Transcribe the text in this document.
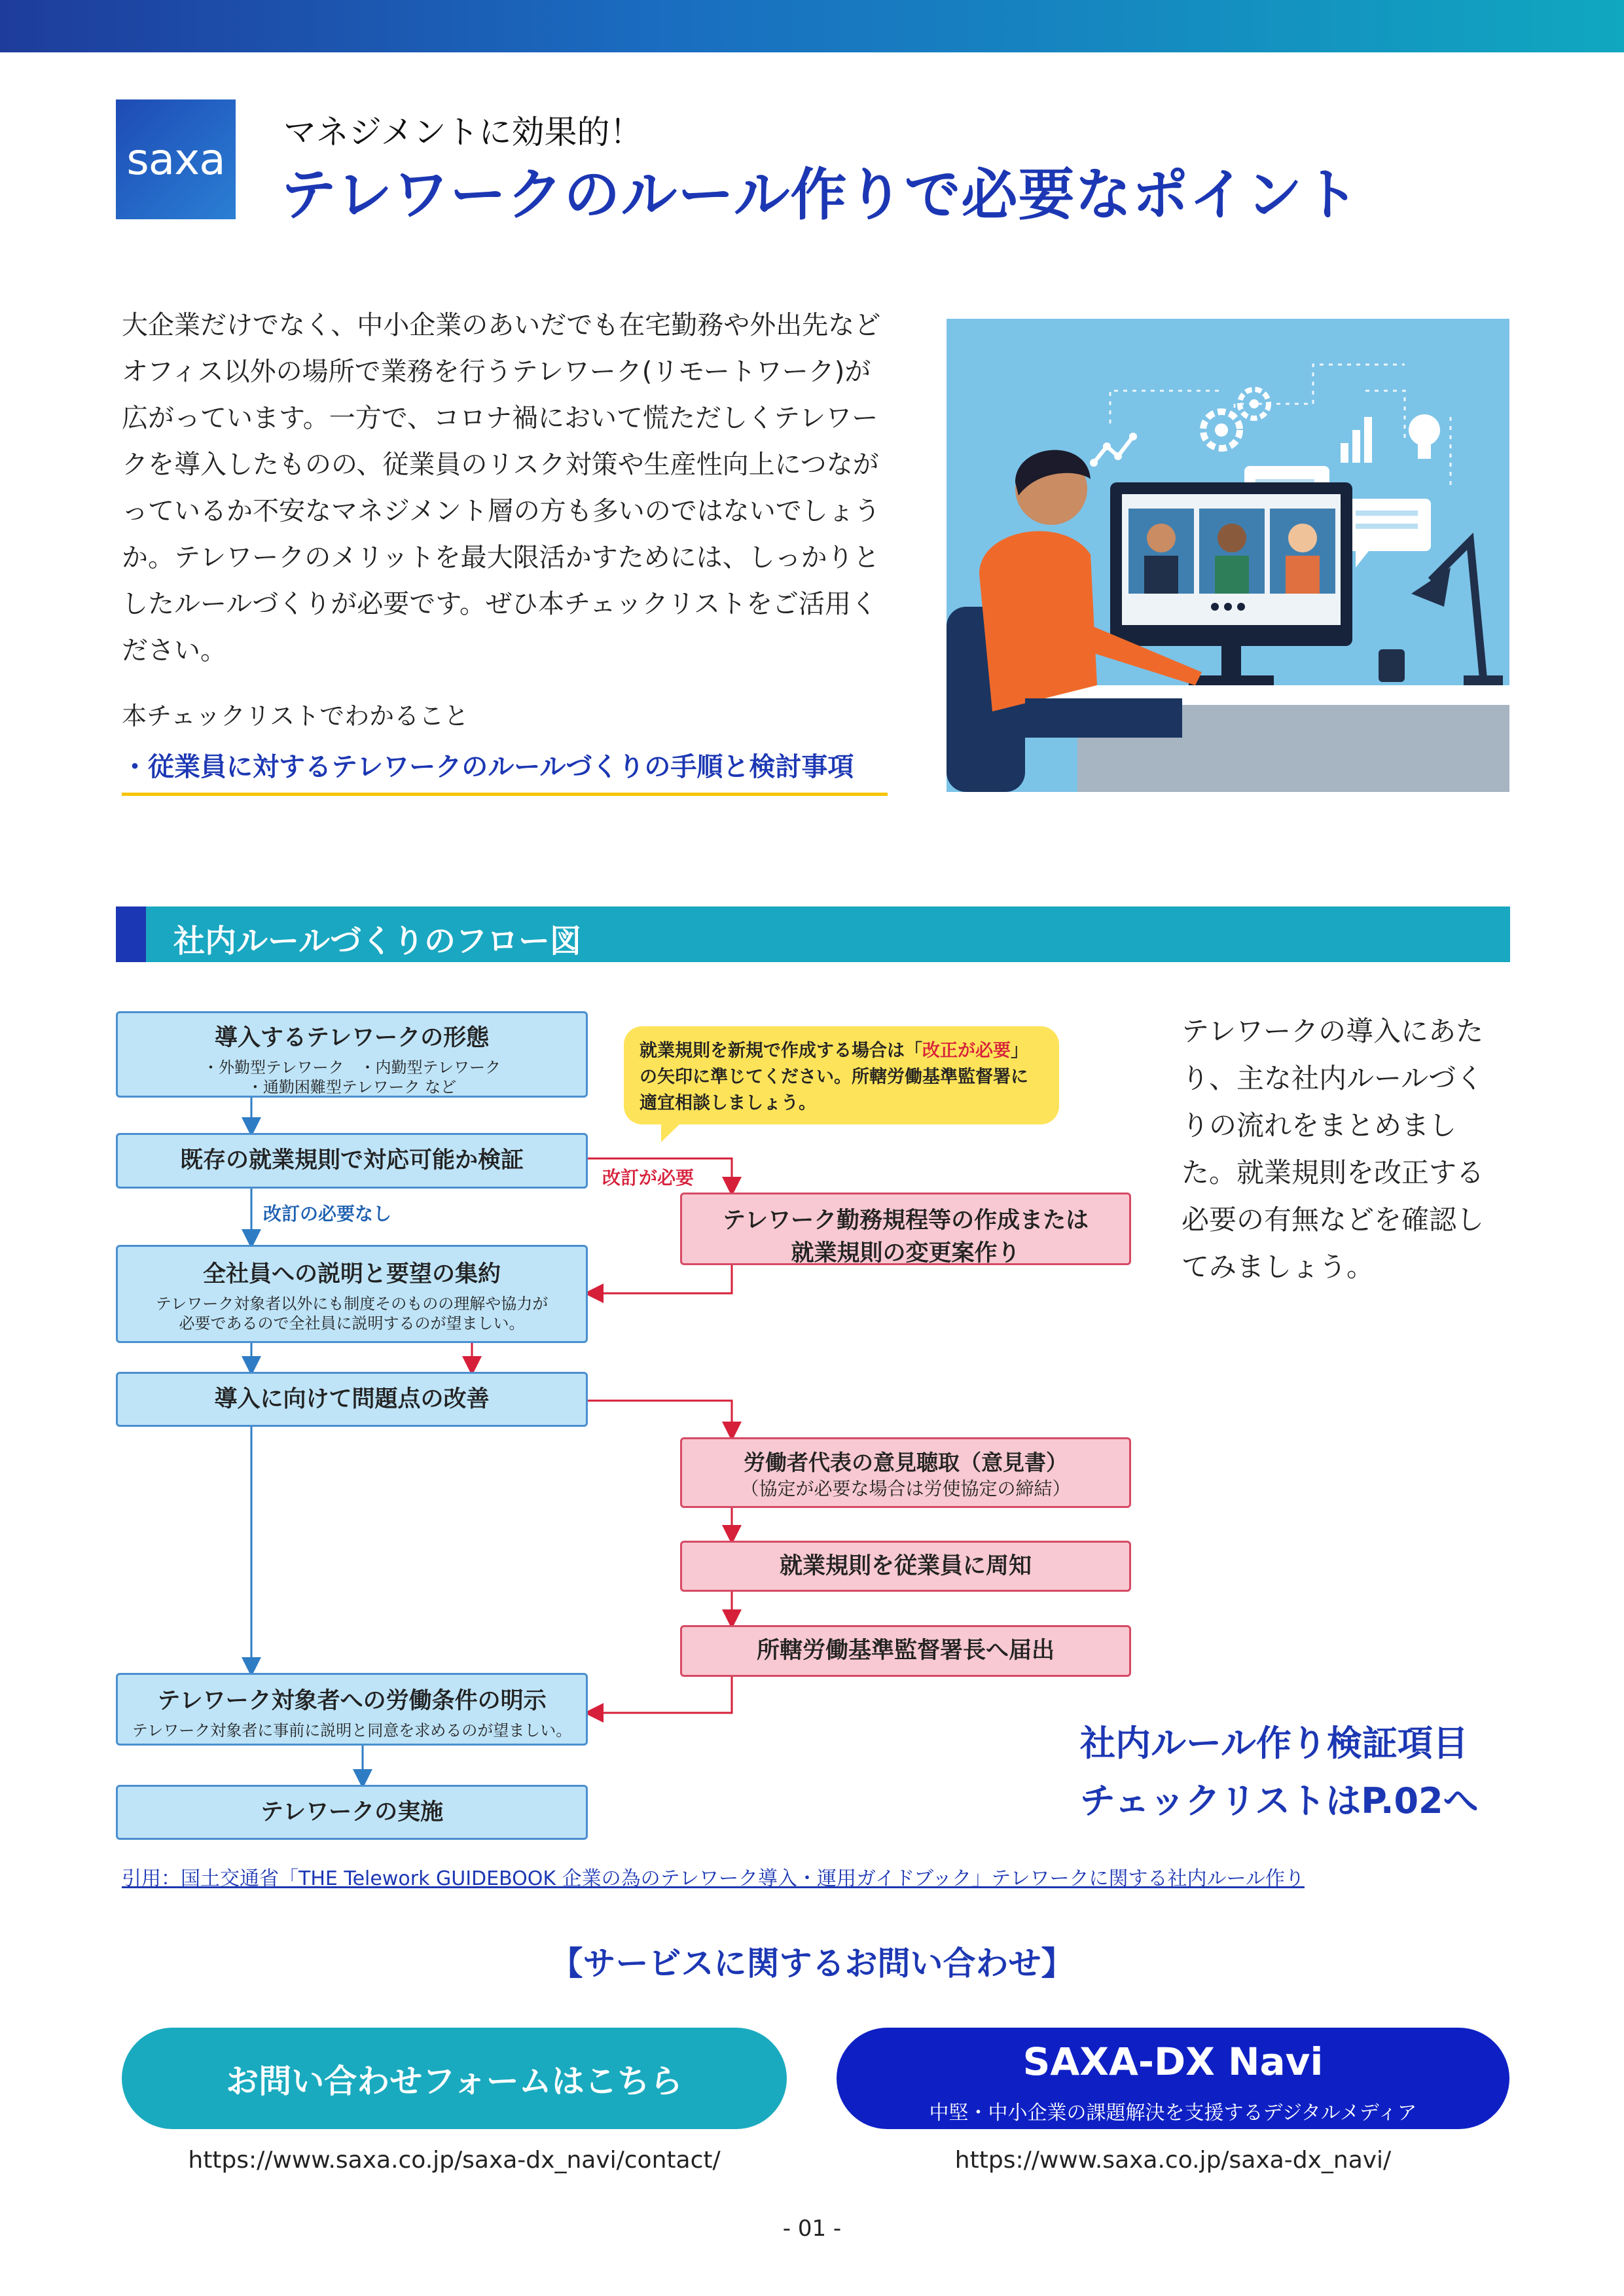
saxa
マネジメントに効果的！
テレワークのルール作りで必要なポイント
大企業だけでなく、中小企業のあいだでも在宅勤務や外出先などオフィス以外の場所で業務を行うテレワーク(リモートワーク)が広がっています。一方で、コロナ禍において慌ただしくテレワークを導入したものの、従業員のリスク対策や生産性向上につながっているか不安なマネジメント層の方も多いのではないでしょうか。テレワークのメリットを最大限活かすためには、しっかりとしたルールづくりが必要です。ぜひ本チェックリストをご活用ください。
本チェックリストでわかること
・従業員に対するテレワークのルールづくりの手順と検討事項
社内ルールづくりのフロー図
導入するテレワークの形態
・外勤型テレワーク　・内勤型テレワーク
・通勤困難型テレワーク など
既存の就業規則で対応可能か検証
全社員への説明と要望の集約
テレワーク対象者以外にも制度そのものの理解や協力が
必要であるので全社員に説明するのが望ましい。
導入に向けて問題点の改善
テレワーク対象者への労働条件の明示
テレワーク対象者に事前に説明と同意を求めるのが望ましい。
テレワークの実施
テレワーク勤務規程等の作成または
就業規則の変更案作り
労働者代表の意見聴取（意見書）
（協定が必要な場合は労使協定の締結）
就業規則を従業員に周知
所轄労働基準監督署長へ届出
改訂の必要なし
改訂が必要
就業規則を新規で作成する場合は「改正が必要」の矢印に準じてください。所轄労働基準監督署に適宜相談しましょう。
テレワークの導入にあたり、主な社内ルールづくりの流れをまとめました。就業規則を改正する必要の有無などを確認してみましょう。
社内ルール作り検証項目
チェックリストはP.02へ
引用：国土交通省「THE Telework GUIDEBOOK 企業の為のテレワーク導入・運用ガイドブック」テレワークに関する社内ルール作り
【サービスに関するお問い合わせ】
お問い合わせフォームはこちら	SAXA-DX Navi
中堅・中小企業の課題解決を支援するデジタルメディア
https://www.saxa.co.jp/saxa-dx_navi/contact/	https://www.saxa.co.jp/saxa-dx_navi/
- 01 -
